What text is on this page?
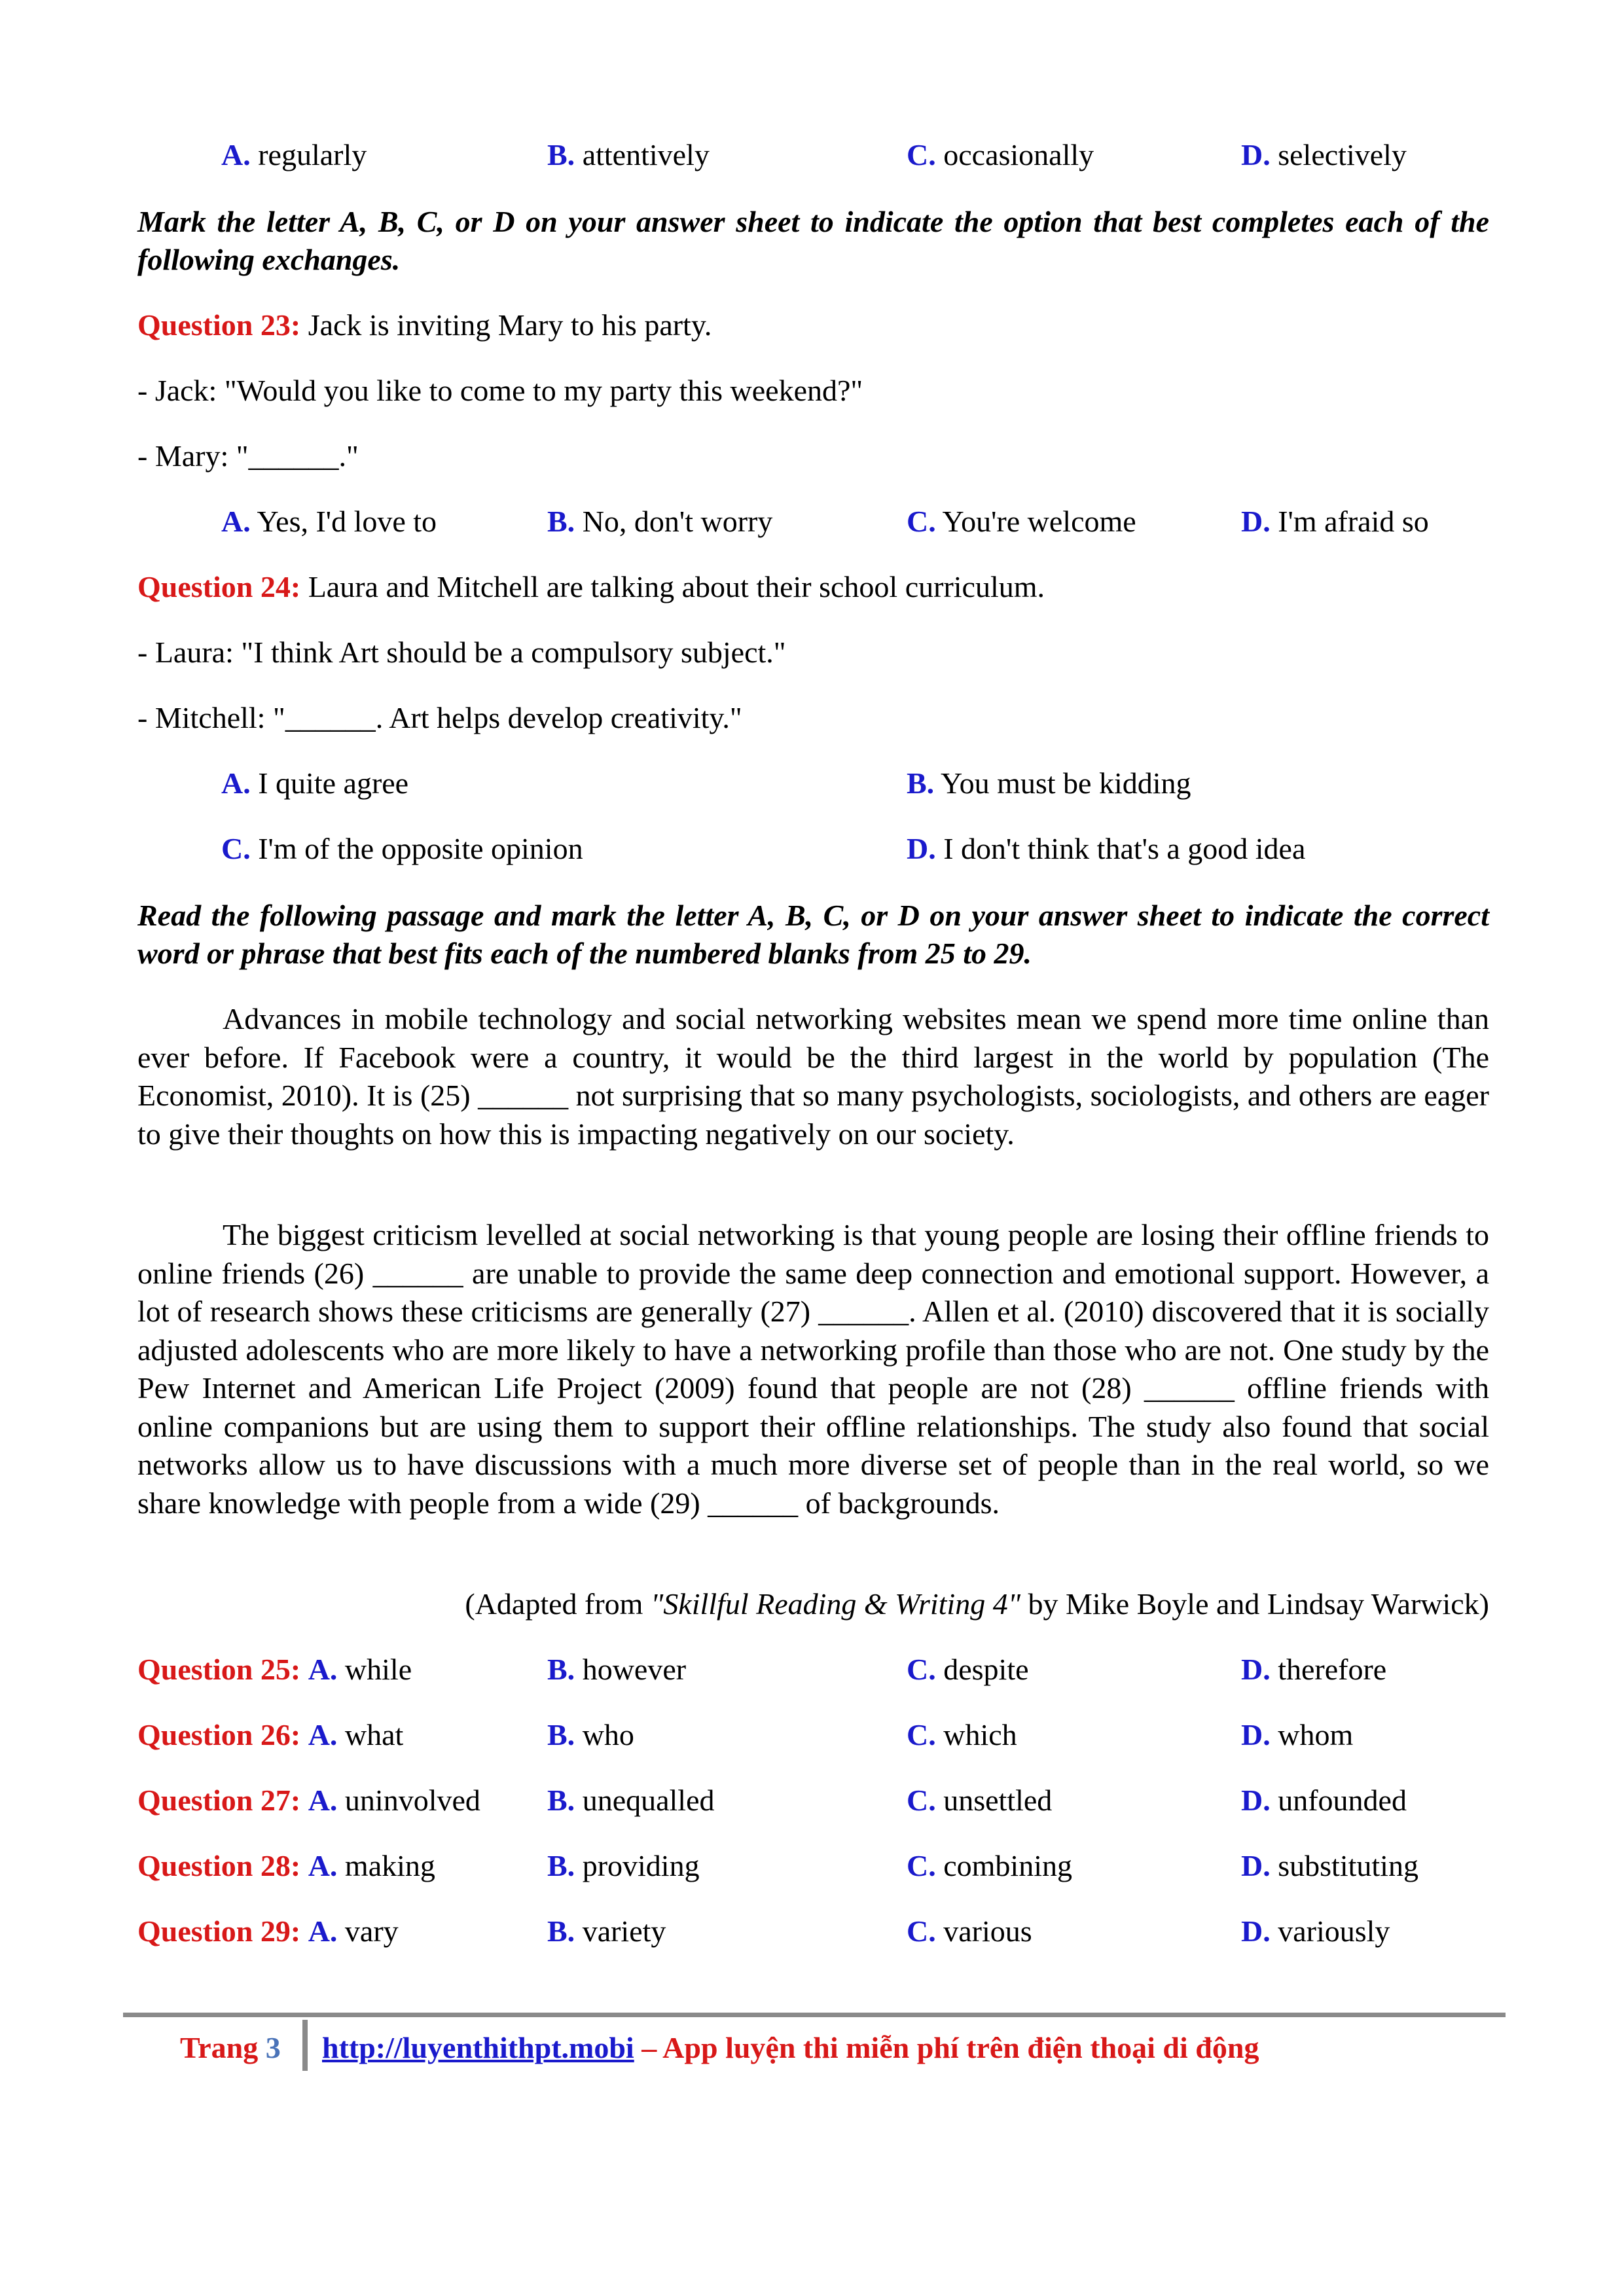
A. regularly	B. attentively	C. occasionally	D. selectively
Mark the letter A, B, C, or D on your answer sheet to indicate the option that best completes each of the following exchanges.
Question 23: Jack is inviting Mary to his party.
- Jack: "Would you like to come to my party this weekend?"
- Mary: "______."
A. Yes, I'd love to	B. No, don't worry	C. You're welcome	D. I'm afraid so
Question 24: Laura and Mitchell are talking about their school curriculum.
- Laura: "I think Art should be a compulsory subject."
- Mitchell: "______. Art helps develop creativity."
A. I quite agree	B. You must be kidding
C. I'm of the opposite opinion	D. I don't think that's a good idea
Read the following passage and mark the letter A, B, C, or D on your answer sheet to indicate the correct word or phrase that best fits each of the numbered blanks from 25 to 29.
Advances in mobile technology and social networking websites mean we spend more time online than ever before. If Facebook were a country, it would be the third largest in the world by population (The Economist, 2010). It is (25) ______ not surprising that so many psychologists, sociologists, and others are eager to give their thoughts on how this is impacting negatively on our society.
The biggest criticism levelled at social networking is that young people are losing their offline friends to online friends (26) ______ are unable to provide the same deep connection and emotional support. However, a lot of research shows these criticisms are generally (27) ______. Allen et al. (2010) discovered that it is socially adjusted adolescents who are more likely to have a networking profile than those who are not. One study by the Pew Internet and American Life Project (2009) found that people are not (28) ______ offline friends with online companions but are using them to support their offline relationships. The study also found that social networks allow us to have discussions with a much more diverse set of people than in the real world, so we share knowledge with people from a wide (29) ______ of backgrounds.
(Adapted from "Skillful Reading & Writing 4" by Mike Boyle and Lindsay Warwick)
Question 25: A. while	B. however	C. despite	D. therefore
Question 26: A. what	B. who	C. which	D. whom
Question 27: A. uninvolved B. unequalled	C. unsettled	D. unfounded
Question 28: A. making	B. providing	C. combining	D. substituting
Question 29: A. vary	B. variety	C. various	D. variously
Trang 3 http://luyenthithpt.mobi – App luyện thi miễn phí trên điện thoại di động
